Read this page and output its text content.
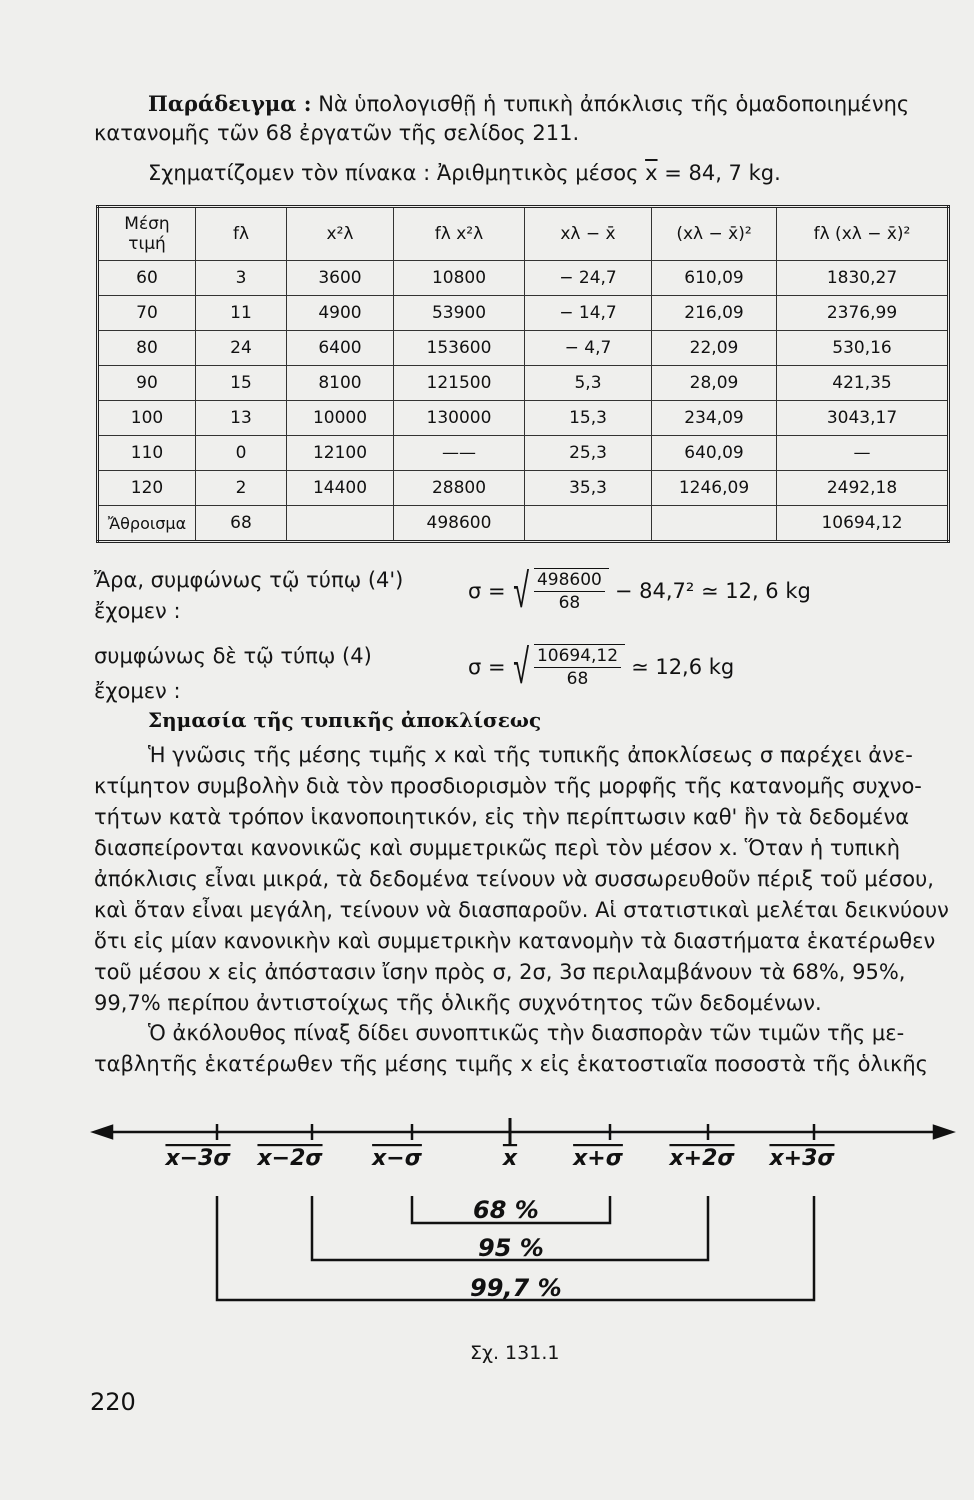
Παράδειγμα : Νὰ ὑπολογισθῇ ἡ τυπικὴ ἀπόκλισις τῆς ὁμαδοποιημένης
κατανομῆς τῶν 68 ἐργατῶν τῆς σελίδος 211.
Σχηματίζομεν τὸν πίνακα : Ἀριθμητικὸς μέσος $\overline{x} = 84$, 7 kg.
Μέση τιμή	fλ	x²λ	fλ x²λ	xλ − x̄	(xλ − x̄)²	fλ (xλ − x̄)²
60	3	3600	10800	− 24,7	610,09	1830,27
70	11	4900	53900	− 14,7	216,09	2376,99
80	24	6400	153600	− 4,7	22,09	530,16
90	15	8100	121500	5,3	28,09	421,35
100	13	10000	130000	15,3	234,09	3043,17
110	0	12100	——	25,3	640,09	—
120	2	14400	28800	35,3	1246,09	2492,18
Ἄθροισμα	68		498600			10694,12
Ἄρα, συμφώνως τῷ τύπῳ (4')
ἔχομεν :
σ = √ $\frac{498600}{68} - 84,7^2$ ≃ 12, 6 kg
συμφώνως δὲ τῷ τύπῳ (4)
ἔχομεν :
σ = √ $\frac{10694,12}{68}$ ≃ 12,6 kg
Σημασία τῆς τυπικῆς ἀποκλίσεως
Ἡ γνῶσις τῆς μέσης τιμῆς x καὶ τῆς τυπικῆς ἀποκλίσεως σ παρέχει ἀνε-
κτίμητον συμβολὴν διὰ τὸν προσδιορισμὸν τῆς μορφῆς τῆς κατανομῆς συχνο-
τήτων κατὰ τρόπον ἱκανοποιητικόν, εἰς τὴν περίπτωσιν καθ' ἣν τὰ δεδομένα
διασπείρονται κανονικῶς καὶ συμμετρικῶς περὶ τὸν μέσον x. Ὅταν ἡ τυπικὴ
ἀπόκλισις εἶναι μικρά, τὰ δεδομένα τείνουν νὰ συσσωρευθοῦν πέριξ τοῦ μέσου,
καὶ ὅταν εἶναι μεγάλη, τείνουν νὰ διασπαροῦν. Αἱ στατιστικαὶ μελέται δεικνύουν
ὅτι εἰς μίαν κανονικὴν καὶ συμμετρικὴν κατανομὴν τὰ διαστήματα ἑκατέρωθεν
τοῦ μέσου x εἰς ἀπόστασιν ἴσην πρὸς σ, 2σ, 3σ περιλαμβάνουν τὰ 68%, 95%,
99,7% περίπου ἀντιστοίχως τῆς ὁλικῆς συχνότητος τῶν δεδομένων.
Ὁ ἀκόλουθος πίναξ δίδει συνοπτικῶς τὴν διασπορὰν τῶν τιμῶν τῆς με-
ταβλητῆς ἑκατέρωθεν τῆς μέσης τιμῆς x εἰς ἑκατοστιαῖα ποσοστὰ τῆς ὁλικῆς
x−3σ x−2σ x−σ	x	x+σ x+2σ x+3σ
68 %
95 %
99,7 %
Σχ. 131.1
220
